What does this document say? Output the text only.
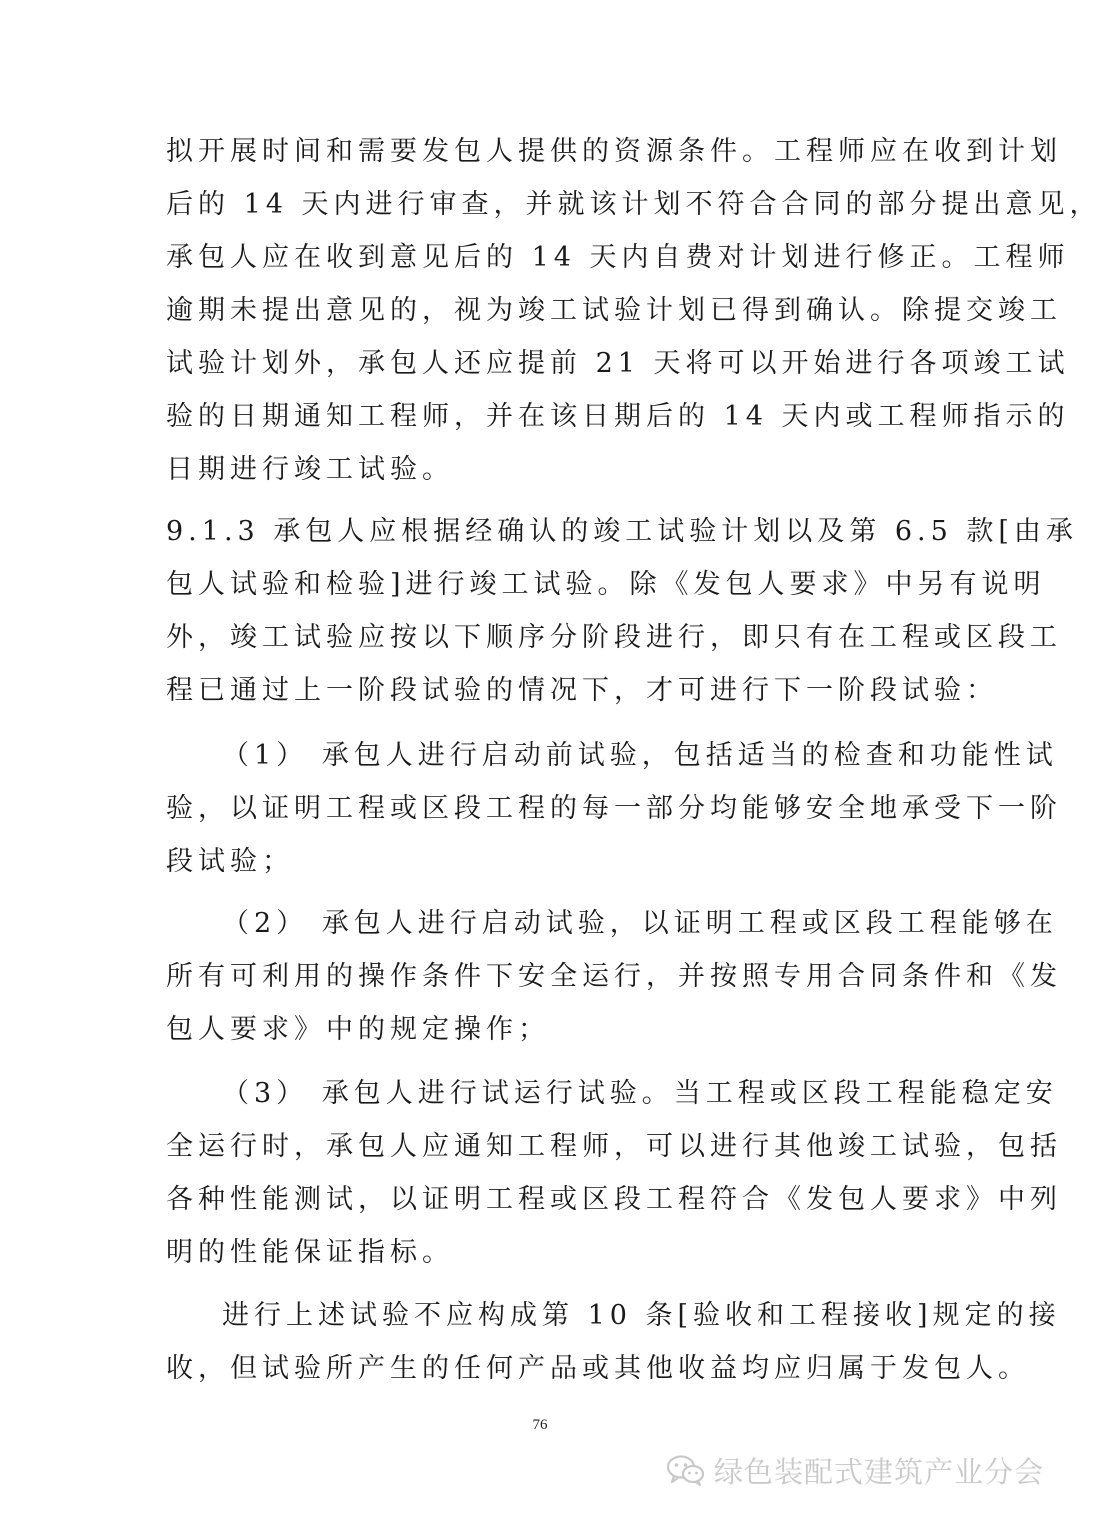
拟开展时间和需要发包人提供的资源条件。工程师应在收到计划
后的 14 天内进行审查，并就该计划不符合合同的部分提出意见，
承包人应在收到意见后的 14 天内自费对计划进行修正。工程师
逾期未提出意见的，视为竣工试验计划已得到确认。除提交竣工
试验计划外，承包人还应提前 21 天将可以开始进行各项竣工试
验的日期通知工程师，并在该日期后的 14 天内或工程师指示的
日期进行竣工试验。
9.1.3 承包人应根据经确认的竣工试验计划以及第 6.5 款[由承
包人试验和检验]进行竣工试验。除《发包人要求》中另有说明
外，竣工试验应按以下顺序分阶段进行，即只有在工程或区段工
程已通过上一阶段试验的情况下，才可进行下一阶段试验：
（1） 承包人进行启动前试验，包括适当的检查和功能性试
验，以证明工程或区段工程的每一部分均能够安全地承受下一阶
段试验；
（2） 承包人进行启动试验，以证明工程或区段工程能够在
所有可利用的操作条件下安全运行，并按照专用合同条件和《发
包人要求》中的规定操作；
（3） 承包人进行试运行试验。当工程或区段工程能稳定安
全运行时，承包人应通知工程师，可以进行其他竣工试验，包括
各种性能测试，以证明工程或区段工程符合《发包人要求》中列
明的性能保证指标。
进行上述试验不应构成第 10 条[验收和工程接收]规定的接
收，但试验所产生的任何产品或其他收益均应归属于发包人。
76
绿色装配式建筑产业分会
